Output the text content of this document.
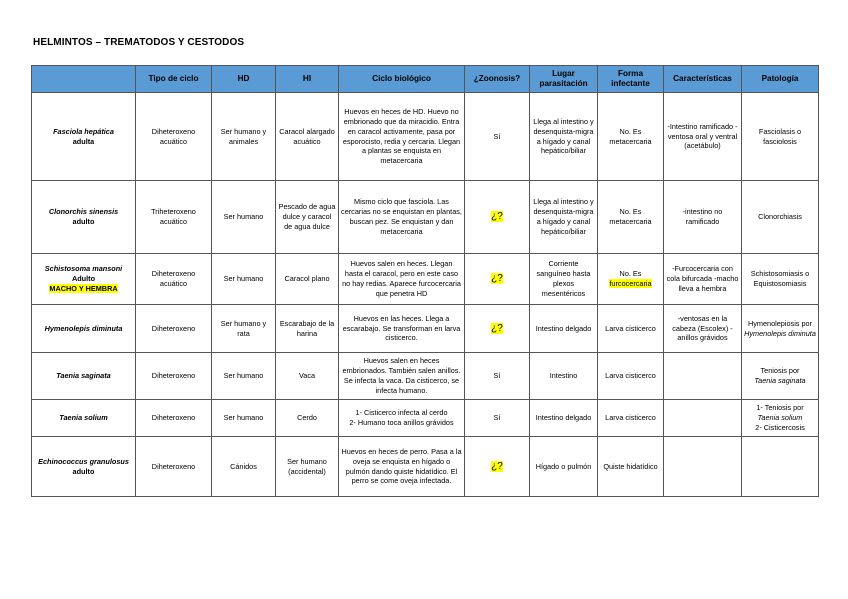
HELMINTOS – TREMATODOS Y CESTODOS
	Tipo de ciclo	HD	HI	Ciclo biológico	¿Zoonosis?	Lugar parasitación	Forma infectante	Características	Patología

Fasciola hepática
adulta	Diheteroxeno acuático	Ser humano y animales	Caracol alargado acuático	Huevos en heces de HD. Huevo no embrionado que da miracidio. Entra en caracol activamente, pasa por esporocisto, redia y cercaria. Llegan a plantas se enquista en metacercaria	Sí	Llega al intestino y desenquista-migra a hígado y canal hepático/biliar	No. Es metacercaria	-Intestino ramificado -ventosa oral y ventral (acetábulo)	Fasciolasis o fasciolosis

Clonorchis sinensis
adulto	Triheteroxeno acuático	Ser humano	Pescado de agua dulce y caracol de agua dulce	Mismo ciclo que fasciola. Las cercarias no se enquistan en plantas, buscan pez. Se enquistan y dan metacercaria	¿?	Llega al intestino y desenquista-migra a hígado y canal hepático/biliar	No. Es metacercaria	-intestino no ramificado	Clonorchiasis

Schistosoma mansoni
Adulto
MACHO Y HEMBRA	Diheteroxeno acuático	Ser humano	Caracol plano	Huevos salen en heces. Llegan hasta el caracol, pero en este caso no hay redias. Aparece furcocercaria que penetra HD	¿?	Corriente sanguíneo hasta plexos mesentéricos	No. Es
furcocercaria	-Furcocercaria con cola bifurcada -macho lleva a hembra	Schistosomiasis o Equistosomiasis

Hymenolepis diminuta	Diheteroxeno	Ser humano y rata	Escarabajo de la harina	Huevos en las heces. Llega a escarabajo. Se transforman en larva cisticerco.	¿?	Intestino delgado	Larva cisticerco	-ventosas en la cabeza (Escolex) -anillos grávidos	Hymenolepiosis por
Hymenolepis diminuta

Taenia saginata	Diheteroxeno	Ser humano	Vaca	Huevos salen en heces embrionados. También salen anillos. Se infecta la vaca. Da cisticerco, se infecta humano.	Sí	Intestino	Larva cisticerco		Teniosis por
Taenia saginata

Taenia solium	Diheteroxeno	Ser humano	Cerdo	1- Cisticerco infecta al cerdo
2- Humano toca anillos grávidos	Sí	Intestino delgado	Larva cisticerco		1- Teniosis por
Taenia solium
2- Cisticercosis

Echinococcus granulosus
adulto	Diheteroxeno	Cánidos	Ser humano (accidental)	Huevos en heces de perro. Pasa a la oveja se enquista en hígado o pulmón dando quiste hidatídico. El perro se come oveja infectada.	¿?	Hígado o pulmón	Quiste hidatídico		
